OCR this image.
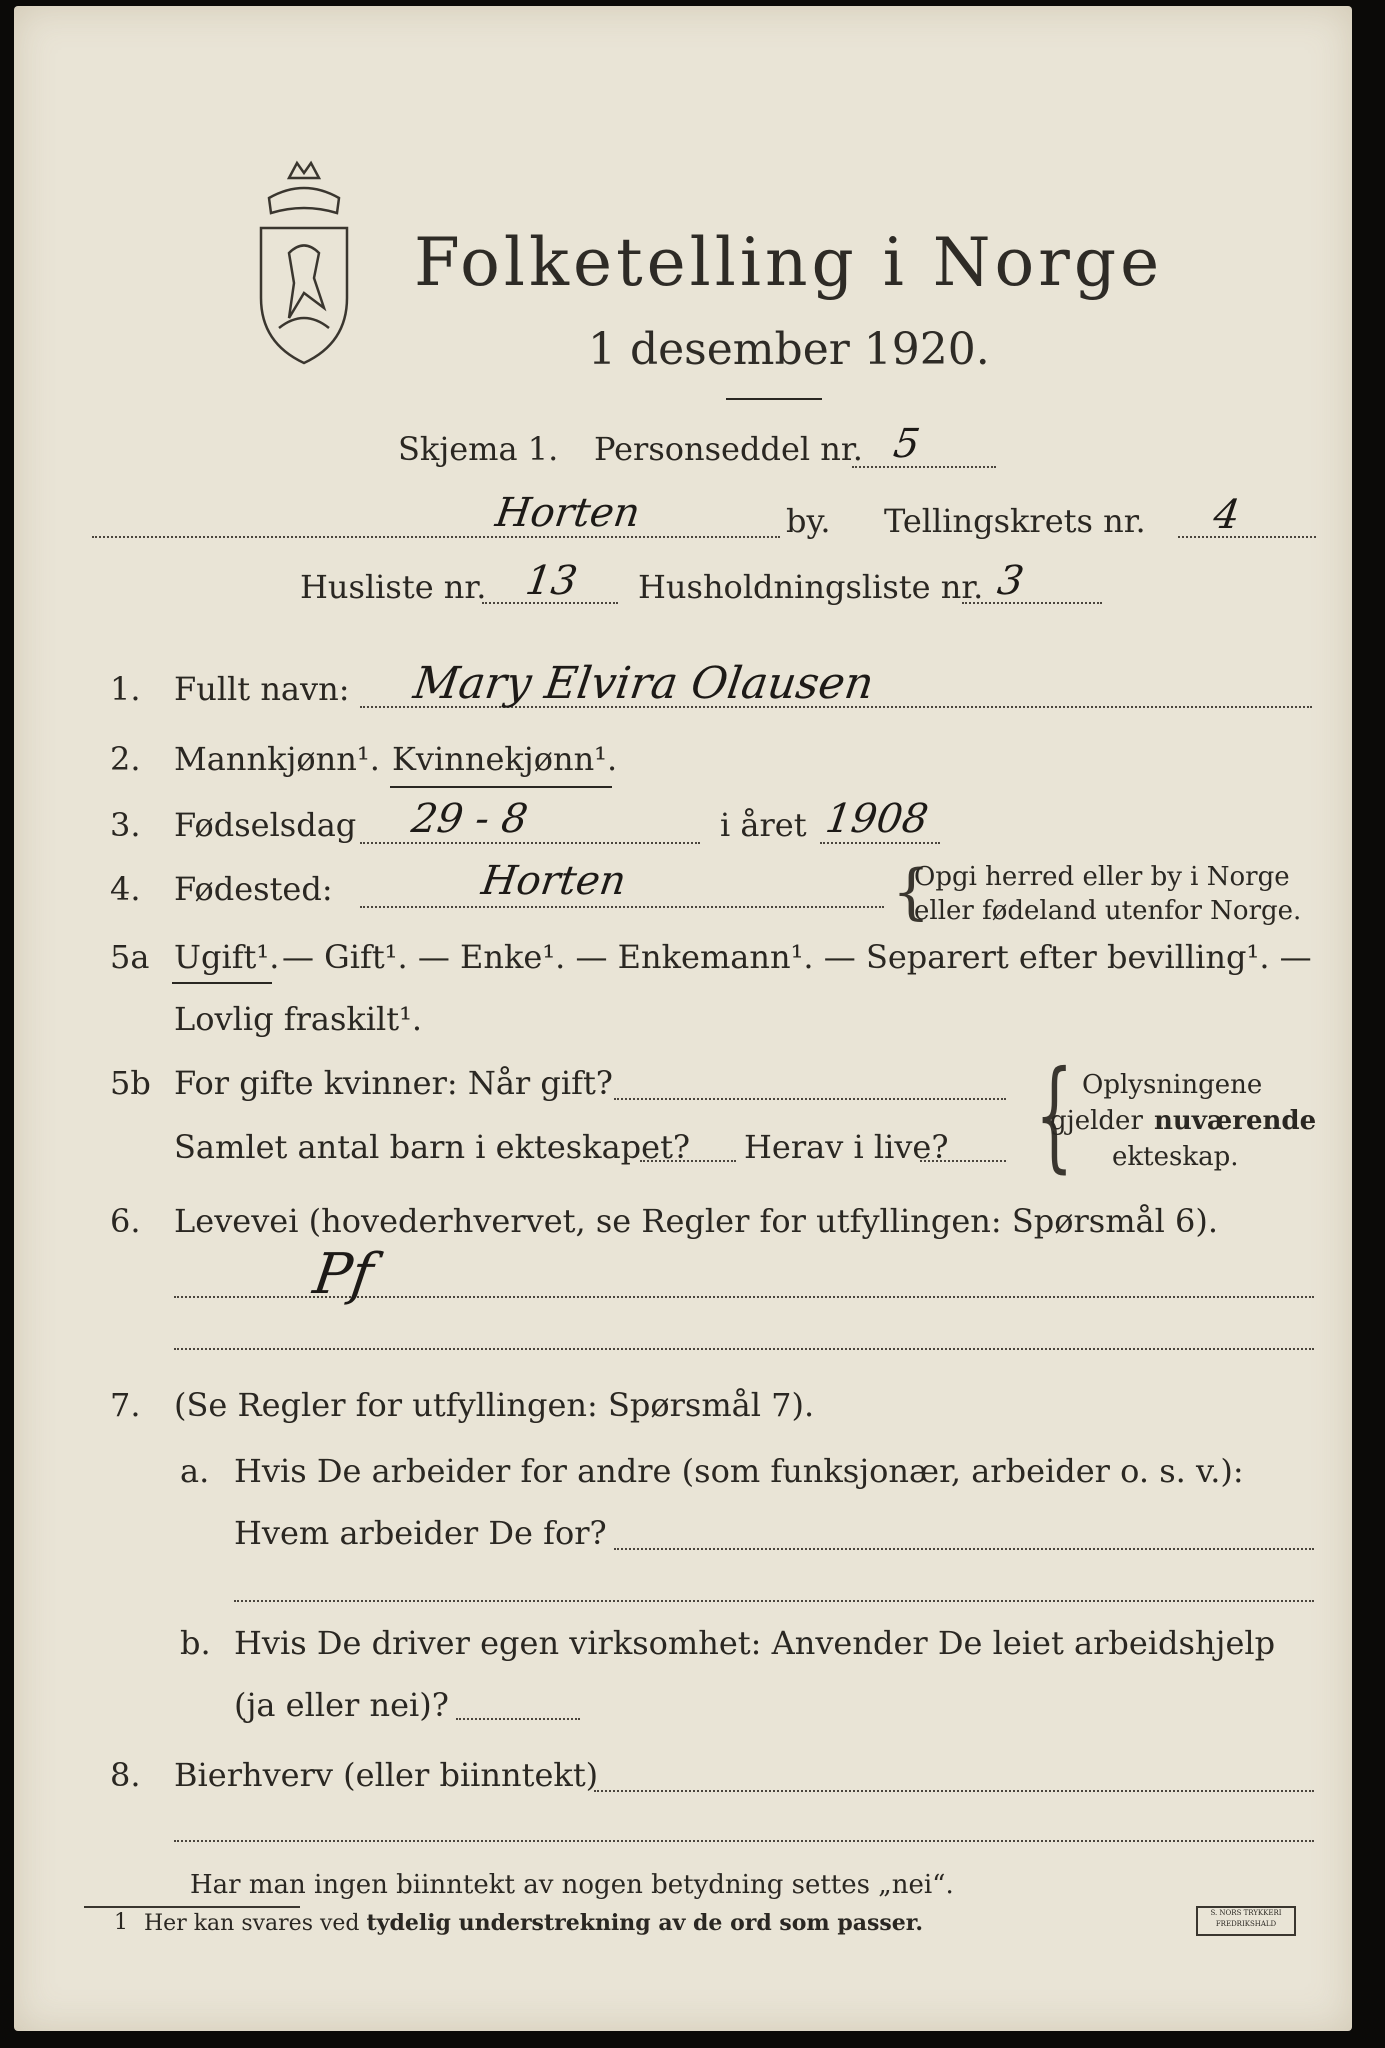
Folketelling i Norge
1 desember 1920.
Skjema 1. Personseddel nr. 5
Horten	by. Tellingskrets nr. 4
Husliste nr. 13 Husholdningsliste nr. 3
1. Fullt navn: Mary Elvira Olausen
2. Mannkjønn¹. Kvinnekjønn¹.
3. Fødselsdag 29 - 8	i året 1908
4. Fødested:	Horten	{
Opgi herred eller by i Norge
eller fødeland utenfor Norge.
5a Ugift¹. — Gift¹. — Enke¹. — Enkemann¹. — Separert efter bevilling¹. —
Lovlig fraskilt¹.
5b For gifte kvinner: Når gift?
Samlet antal barn i ekteskapet? Herav i live? { Oplysningene
gjelder nuværende
ekteskap.
6. Levevei (hovederhvervet, se Regler for utfyllingen: Spørsmål 6).
Pf
7. (Se Regler for utfyllingen: Spørsmål 7).
a. Hvis De arbeider for andre (som funksjonær, arbeider o. s. v.):
Hvem arbeider De for?
b. Hvis De driver egen virksomhet: Anvender De leiet arbeidshjelp
(ja eller nei)?
8. Bierhverv (eller biinntekt)
Har man ingen biinntekt av nogen betydning settes „nei“.
1 Her kan svares ved tydelig understrekning av de ord som passer.	S. NORS TRYKKERI
FREDRIKSHALD
